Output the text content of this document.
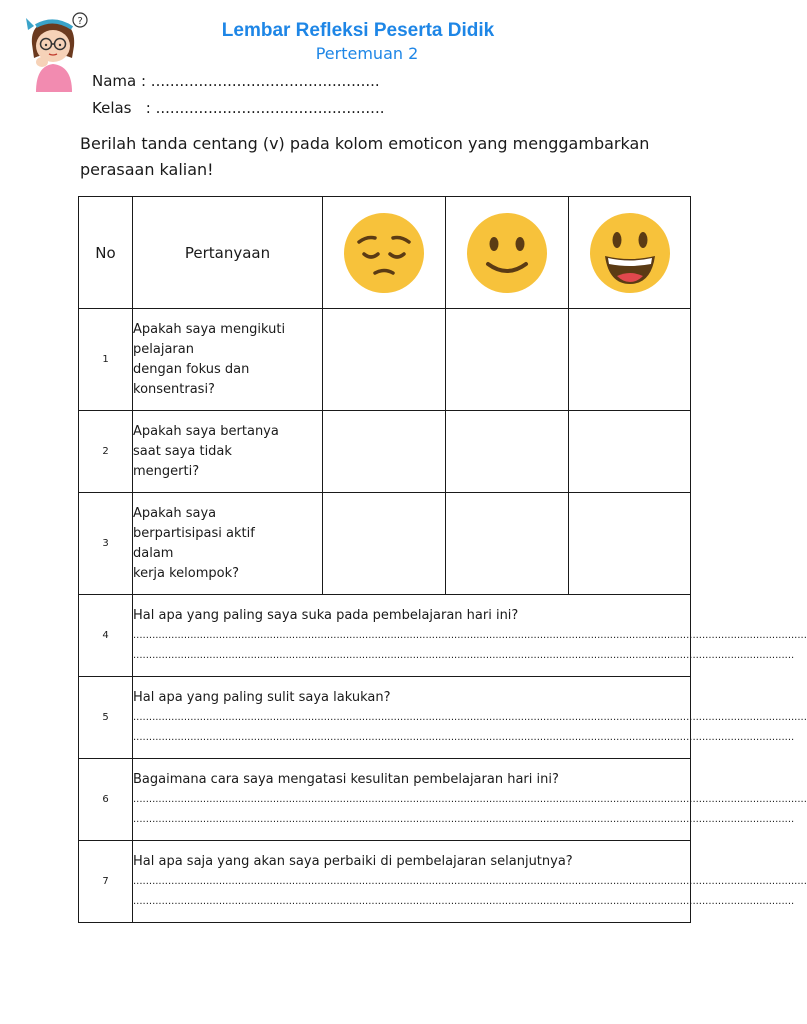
?	Lembar Refleksi Peserta Didik
Pertemuan 2
Nama : ................................................
Kelas   : ................................................
Berilah tanda centang (v) pada kolom emoticon yang menggambarkan perasaan kalian!
No	Pertanyaan	

1	Apakah saya mengikuti
pelajaran
dengan fokus dan
konsentrasi?			
2	Apakah saya bertanya
saat saya tidak
mengerti?			
3	Apakah saya
berpartisipasi aktif
dalam
kerja kelompok?			
4	Hal apa yang paling saya suka pada pembelajaran hari ini?
....................................................................................................................................................................................................................
................................................................................................................................................................................................................			

5	Hal apa yang paling sulit saya lakukan?
....................................................................................................................................................................................................................
................................................................................................................................................................................................................			

6	Bagaimana cara saya mengatasi kesulitan pembelajaran hari ini?
....................................................................................................................................................................................................................
................................................................................................................................................................................................................			

7	Hal apa saja yang akan saya perbaiki di pembelajaran selanjutnya?
....................................................................................................................................................................................................................
................................................................................................................................................................................................................			
